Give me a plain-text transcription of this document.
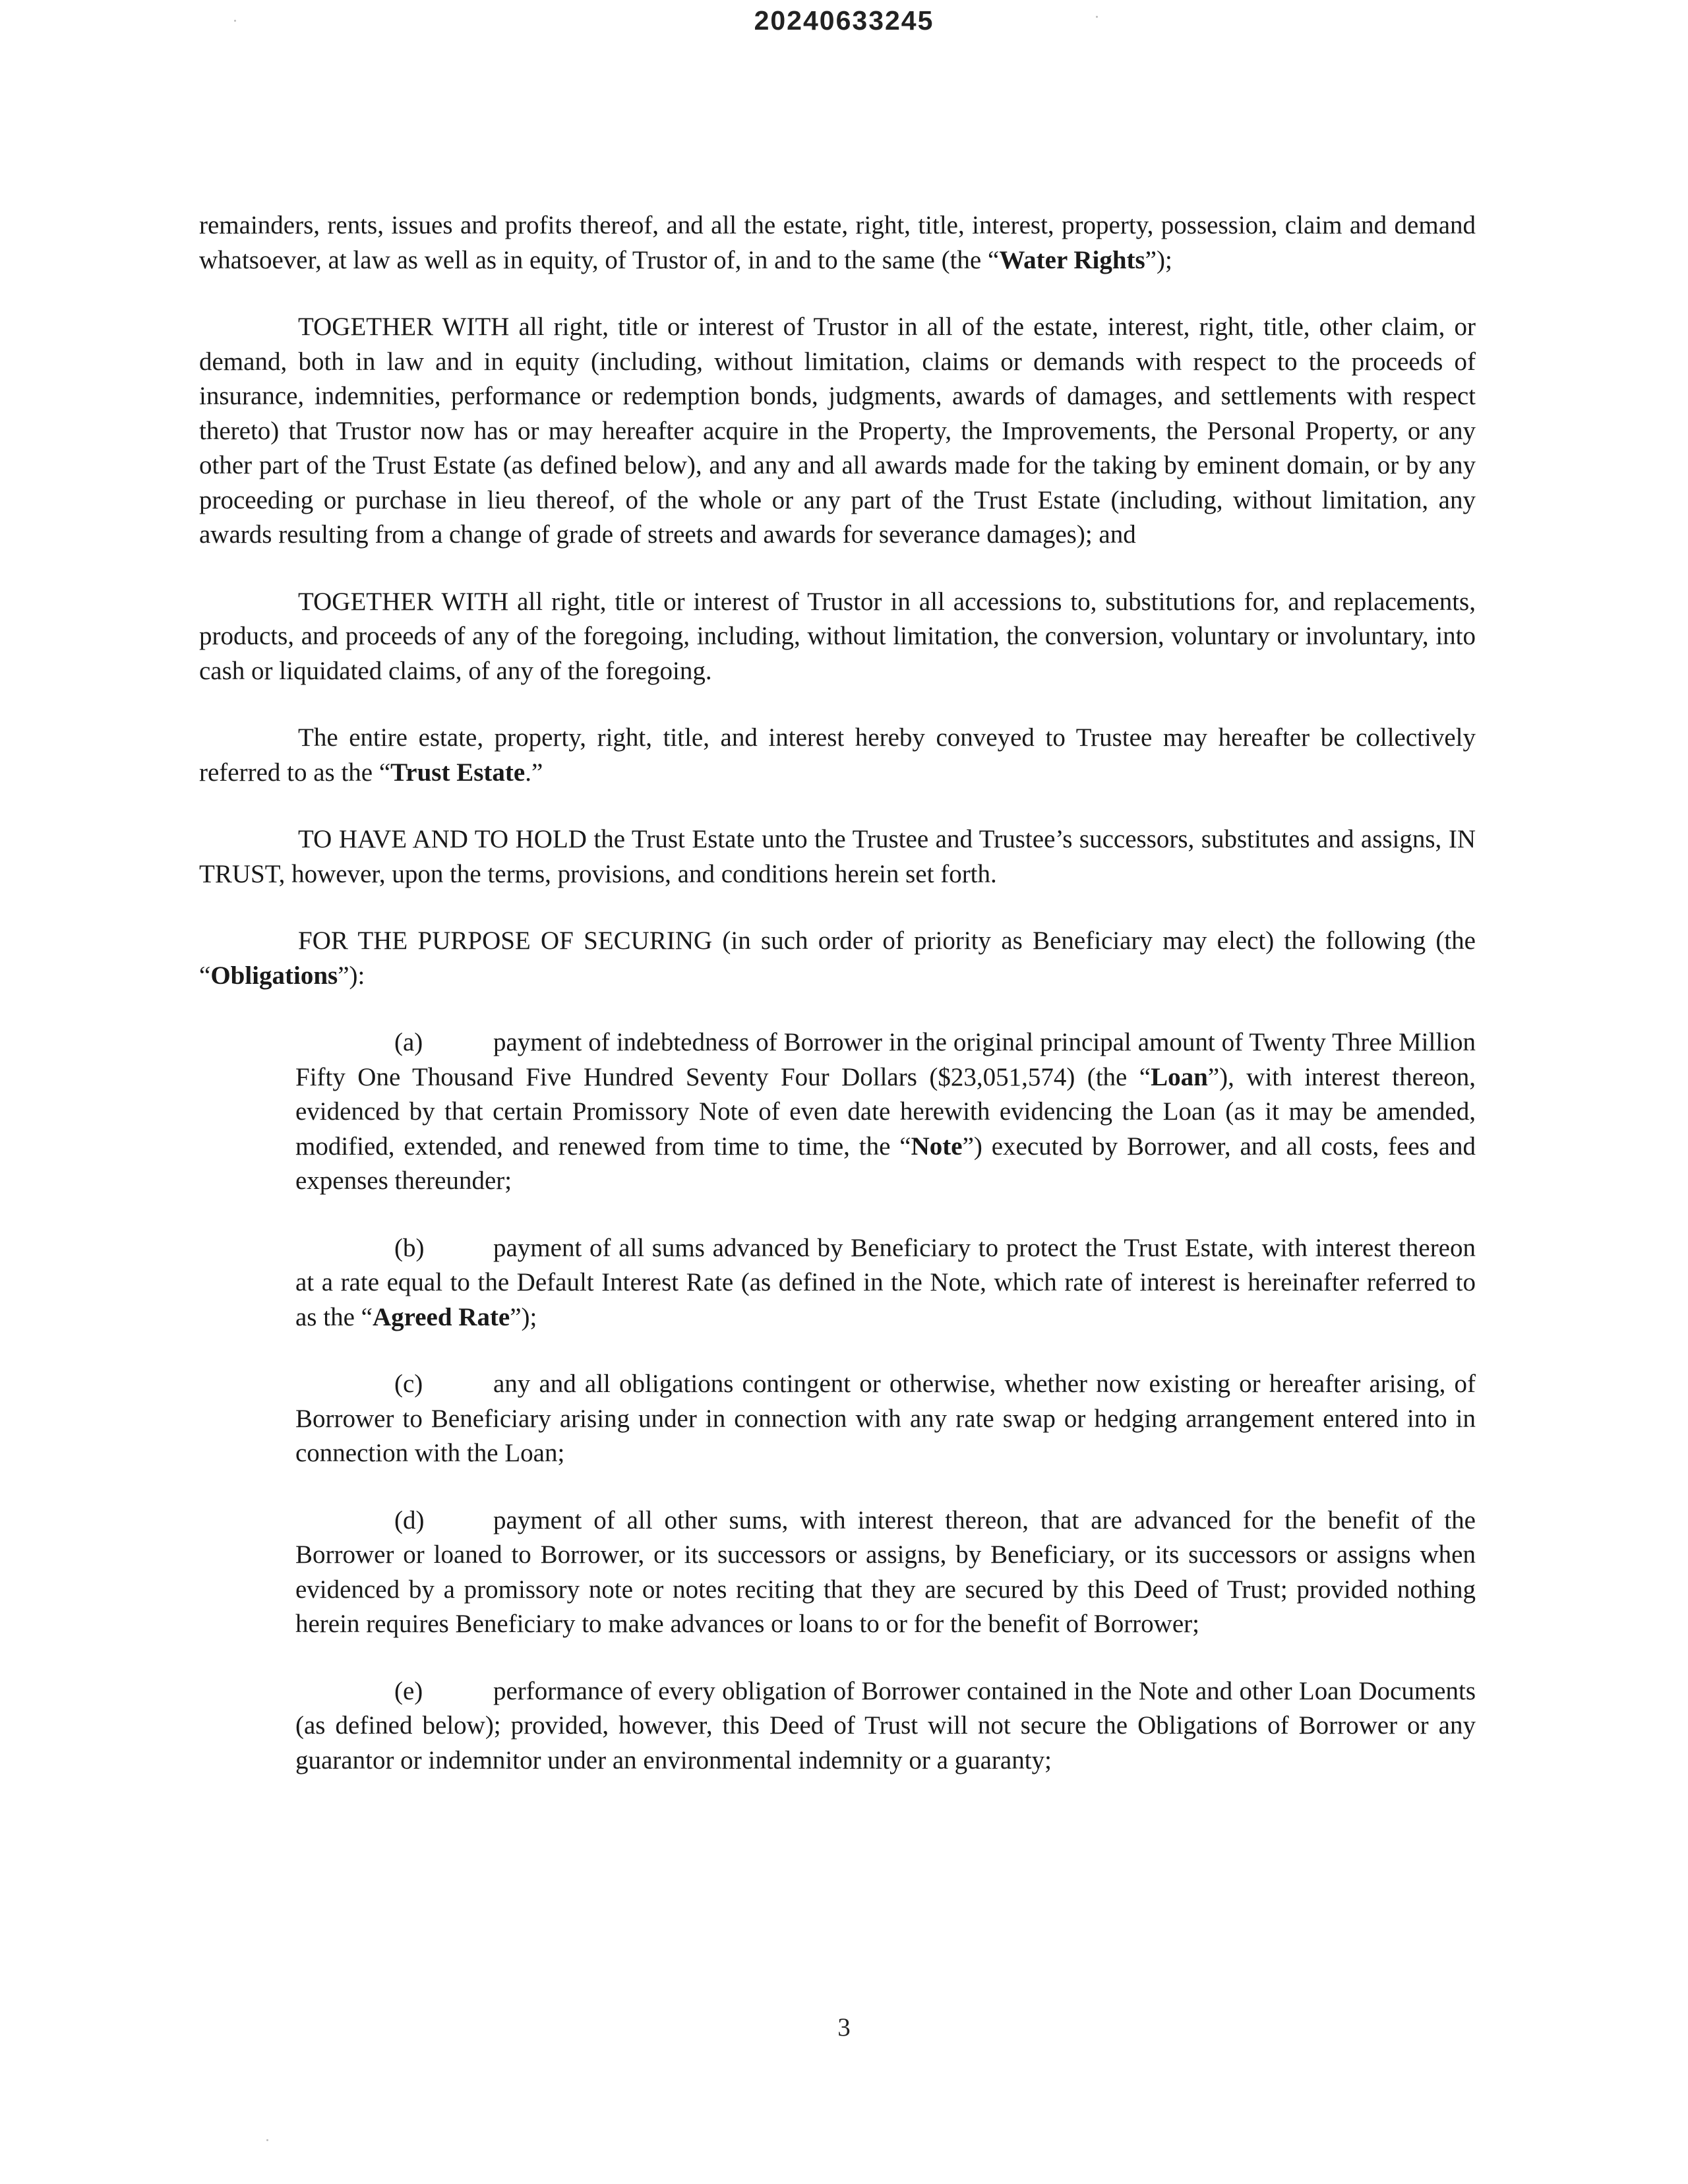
20240633245

remainders, rents, issues and profits thereof, and all the estate, right, title, interest, property, possession, claim and demand whatsoever, at law as well as in equity, of Trustor of, in and to the same (the “Water Rights”);

TOGETHER WITH all right, title or interest of Trustor in all of the estate, interest, right, title, other claim, or demand, both in law and in equity (including, without limitation, claims or demands with respect to the proceeds of insurance, indemnities, performance or redemption bonds, judgments, awards of damages, and settlements with respect thereto) that Trustor now has or may hereafter acquire in the Property, the Improvements, the Personal Property, or any other part of the Trust Estate (as defined below), and any and all awards made for the taking by eminent domain, or by any proceeding or purchase in lieu thereof, of the whole or any part of the Trust Estate (including, without limitation, any awards resulting from a change of grade of streets and awards for severance damages); and

TOGETHER WITH all right, title or interest of Trustor in all accessions to, substitutions for, and replacements, products, and proceeds of any of the foregoing, including, without limitation, the conversion, voluntary or involuntary, into cash or liquidated claims, of any of the foregoing.

The entire estate, property, right, title, and interest hereby conveyed to Trustee may hereafter be collectively referred to as the “Trust Estate.”

TO HAVE AND TO HOLD the Trust Estate unto the Trustee and Trustee’s successors, substitutes and assigns, IN TRUST, however, upon the terms, provisions, and conditions herein set forth.

FOR THE PURPOSE OF SECURING (in such order of priority as Beneficiary may elect) the following (the “Obligations”):

(a)	payment of indebtedness of Borrower in the original principal amount of Twenty Three Million Fifty One Thousand Five Hundred Seventy Four Dollars ($23,051,574) (the “Loan”), with interest thereon, evidenced by that certain Promissory Note of even date herewith evidencing the Loan (as it may be amended, modified, extended, and renewed from time to time, the “Note”) executed by Borrower, and all costs, fees and expenses thereunder;

(b)	payment of all sums advanced by Beneficiary to protect the Trust Estate, with interest thereon at a rate equal to the Default Interest Rate (as defined in the Note, which rate of interest is hereinafter referred to as the “Agreed Rate”);

(c)	any and all obligations contingent or otherwise, whether now existing or hereafter arising, of Borrower to Beneficiary arising under in connection with any rate swap or hedging arrangement entered into in connection with the Loan;

(d)	payment of all other sums, with interest thereon, that are advanced for the benefit of the Borrower or loaned to Borrower, or its successors or assigns, by Beneficiary, or its successors or assigns when evidenced by a promissory note or notes reciting that they are secured by this Deed of Trust; provided nothing herein requires Beneficiary to make advances or loans to or for the benefit of Borrower;

(e)	performance of every obligation of Borrower contained in the Note and other Loan Documents (as defined below); provided, however, this Deed of Trust will not secure the Obligations of Borrower or any guarantor or indemnitor under an environmental indemnity or a guaranty;

3
